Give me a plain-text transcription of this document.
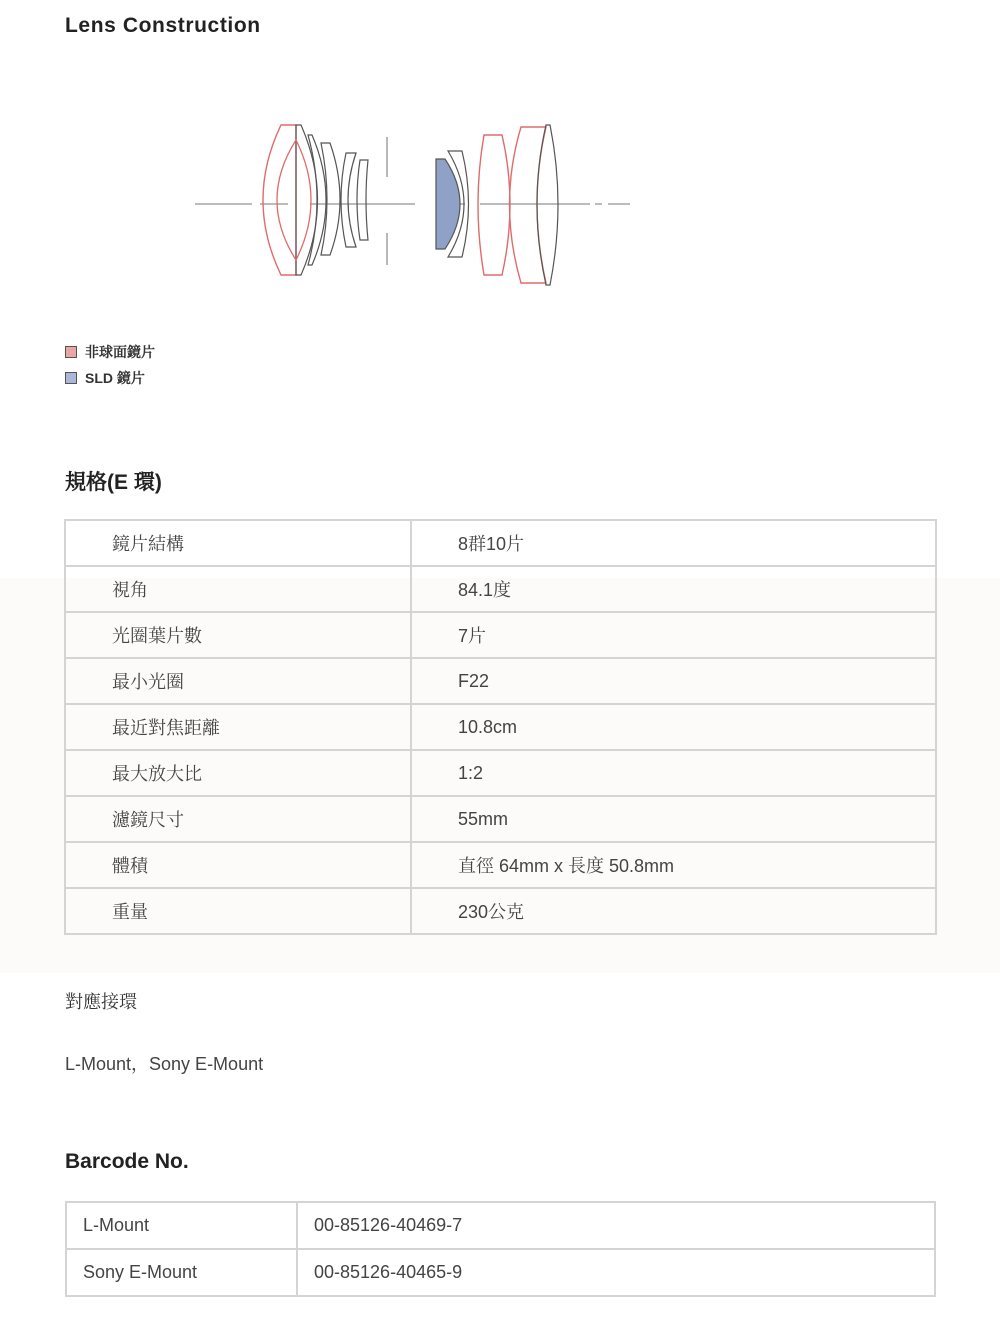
Lens Construction
非球面鏡片
SLD 鏡片
規格(E 環)
鏡片結構	8群10片
視角	84.1度
光圈葉片數	7片
最小光圈	F22
最近對焦距離	10.8cm
最大放大比	1:2
濾鏡尺寸	55mm
體積	直徑 64mm x 長度 50.8mm
重量	230公克
對應接環
L-Mount，Sony E-Mount
Barcode No.
L-Mount	00-85126-40469-7
Sony E-Mount	00-85126-40465-9
